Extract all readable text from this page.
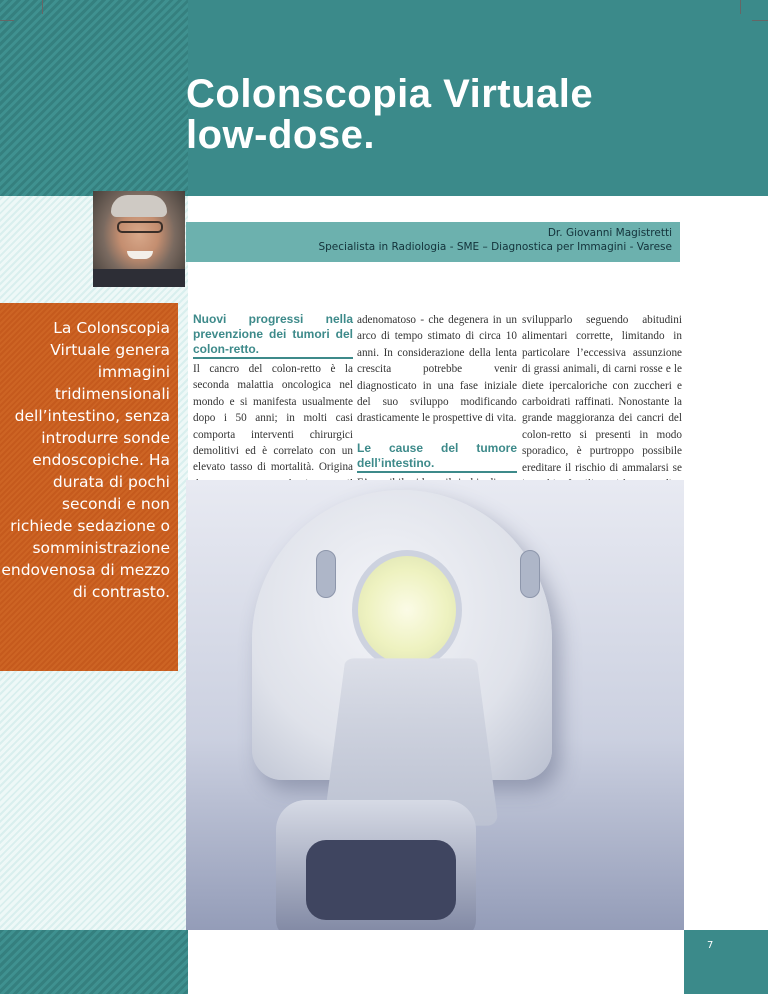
Colonscopia Virtuale
low-dose.
Dr. Giovanni Magistretti
Specialista in Radiologia - SME – Diagnostica per Immagini - Varese

La Colonscopia Virtuale genera immagini tridimensionali dell’intestino, senza introdurre sonde endoscopiche. Ha durata di pochi secondi e non richiede sedazione o somministrazione endovenosa di mezzo di contrasto.

Nuovi progressi nella prevenzione dei tumori del colon-retto.
Il cancro del colon-retto è la seconda malattia oncologica nel mondo e si manifesta usualmente dopo i 50 anni; in molti casi comporta interventi chirurgici demolitivi ed è correlato con un elevato tasso di mortalità. Origina
adenomatoso - che degenera in un arco di tempo stimato di circa 10 anni. In considerazione della lenta crescita potrebbe venir diagnosticato in una fase iniziale del suo sviluppo modificando drasticamente le prospettive di vita.
Le cause del tumore dell’intestino.
svilupparlo seguendo abitudini alimentari corrette, limitando in particolare l’eccessiva assunzione di grassi animali, di carni rosse e le diete ipercaloriche con zuccheri e carboidrati raffinati. Nonostante la grande maggioranza dei cancri del colon-retto si presenti in modo sporadico, è purtroppo possibile ereditare il rischio di ammalarsi se
7
